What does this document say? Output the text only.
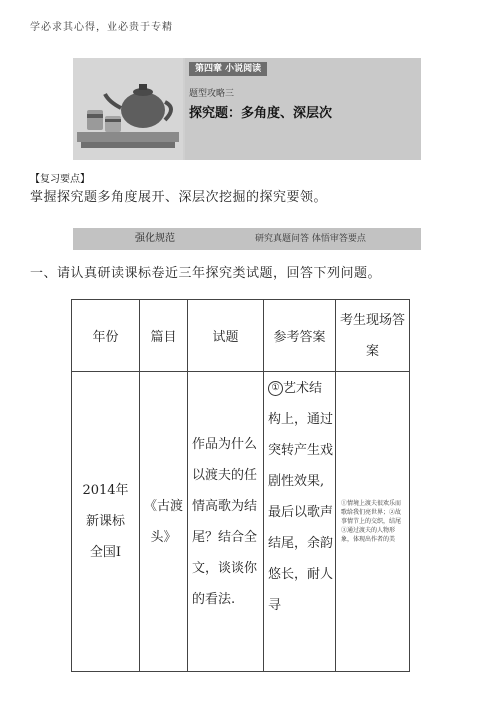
学必求其心得，业必贵于专精
第四章 小说阅读
题型攻略三
探究题：多角度、深层次
【复习要点】
掌握探究题多角度展开、深层次挖掘的探究要领。
强化规范	研究真题问答 体悟审答要点
一、请认真研读课标卷近三年探究类试题，回答下列问题。
年份	篇目	试题	参考答案	考生现场答案
2014年新课标全国Ⅰ	《古渡头》	作品为什么以渡夫的任情高歌为结尾？结合全文，谈谈你的看法.	① 艺术结构上，通过突转产生戏剧性效果,最后以歌声结尾，余韵悠长，耐人寻	①情境上渡夫很欢乐而歌给我们亮世界；②故事情节上的交织，结尾③通过渡夫的人物形象，体现出作者的美
